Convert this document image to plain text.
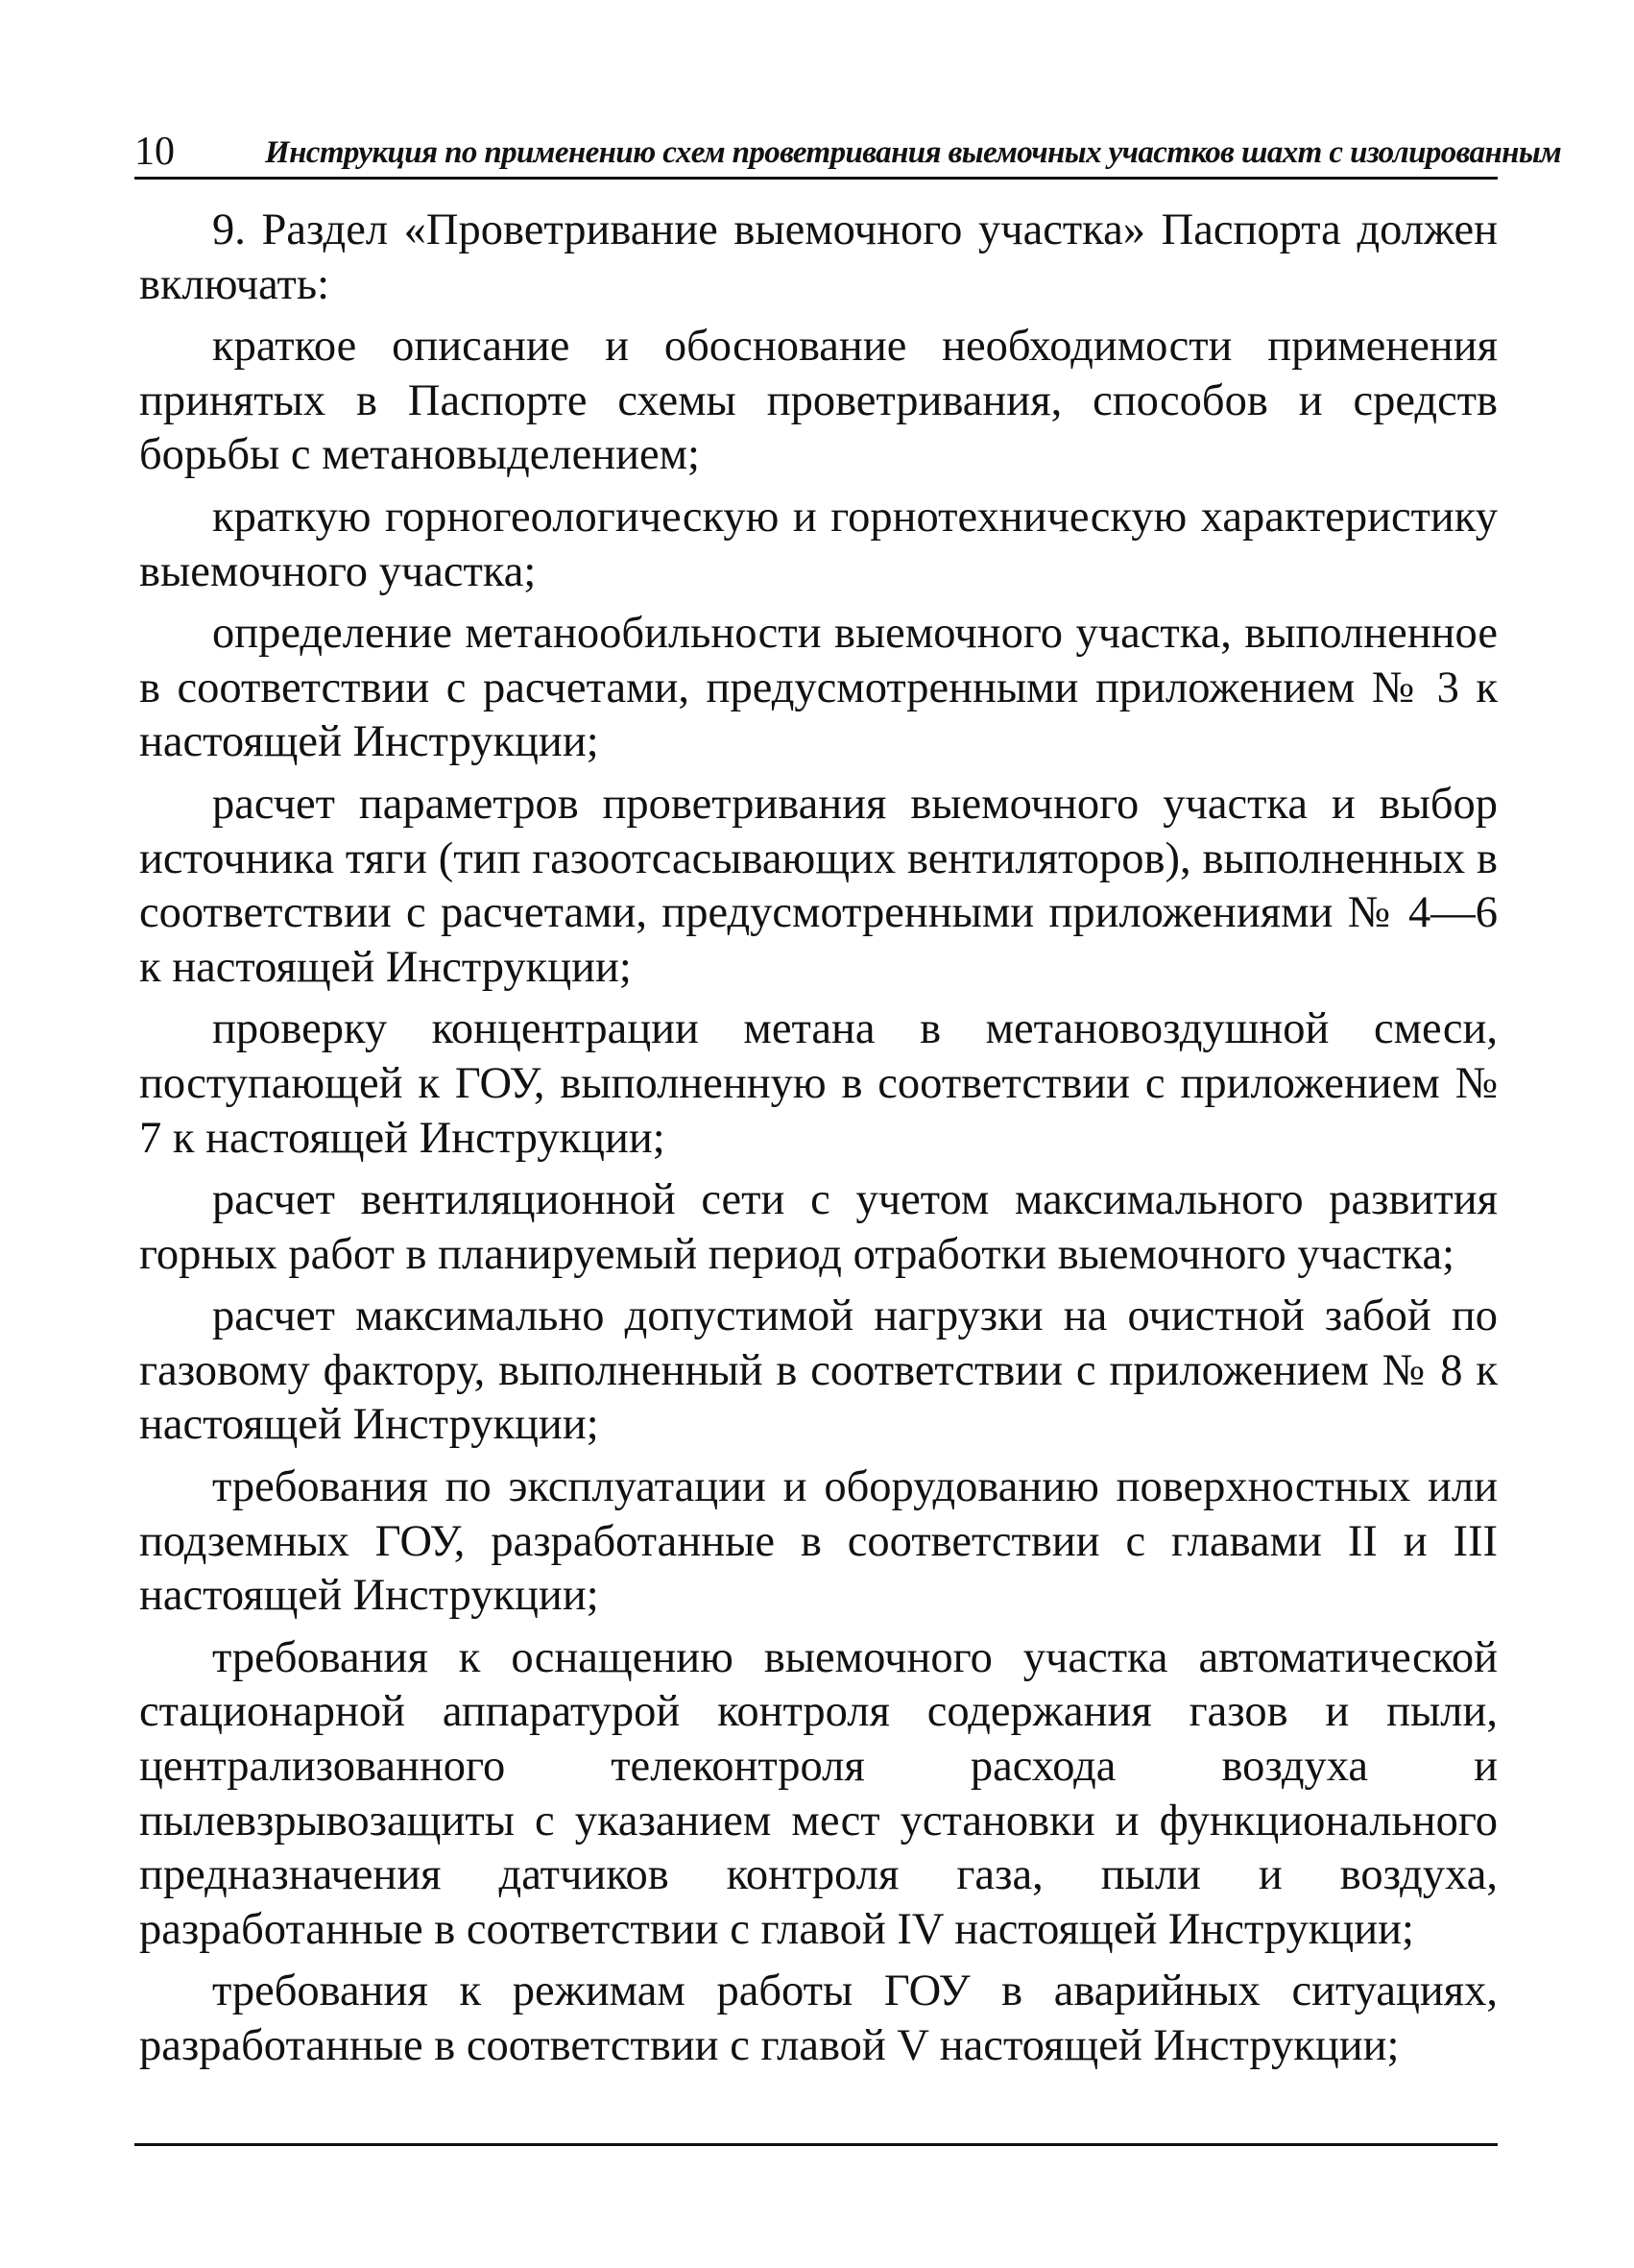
10	Инструкция по применению схем проветривания выемочных участков шахт с изолированным

9. Раздел «Проветривание выемочного участка» Паспорта должен включать:

краткое описание и обоснование необходимости применения принятых в Паспорте схемы проветривания, способов и средств борьбы с метановыделением;

краткую горногеологическую и горнотехническую характеристику выемочного участка;

определение метанообильности выемочного участка, выполненное в соответствии с расчетами, предусмотренными приложением № 3 к настоящей Инструкции;

расчет параметров проветривания выемочного участка и выбор источника тяги (тип газоотсасывающих вентиляторов), выполненных в соответствии с расчетами, предусмотренными приложениями № 4—6 к настоящей Инструкции;

проверку концентрации метана в метановоздушной смеси, поступающей к ГОУ, выполненную в соответствии с приложением № 7 к настоящей Инструкции;

расчет вентиляционной сети с учетом максимального развития горных работ в планируемый период отработки выемочного участка;

расчет максимально допустимой нагрузки на очистной забой по газовому фактору, выполненный в соответствии с приложением № 8 к настоящей Инструкции;

требования по эксплуатации и оборудованию поверхностных или подземных ГОУ, разработанные в соответствии с главами II и III настоящей Инструкции;

требования к оснащению выемочного участка автоматической стационарной аппаратурой контроля содержания газов и пыли, централизованного телеконтроля расхода воздуха и пылевзрывозащиты с указанием мест установки и функционального предназначения датчиков контроля газа, пыли и воздуха, разработанные в соответствии с главой IV настоящей Инструкции;

требования к режимам работы ГОУ в аварийных ситуациях, разработанные в соответствии с главой V настоящей Инструкции;
